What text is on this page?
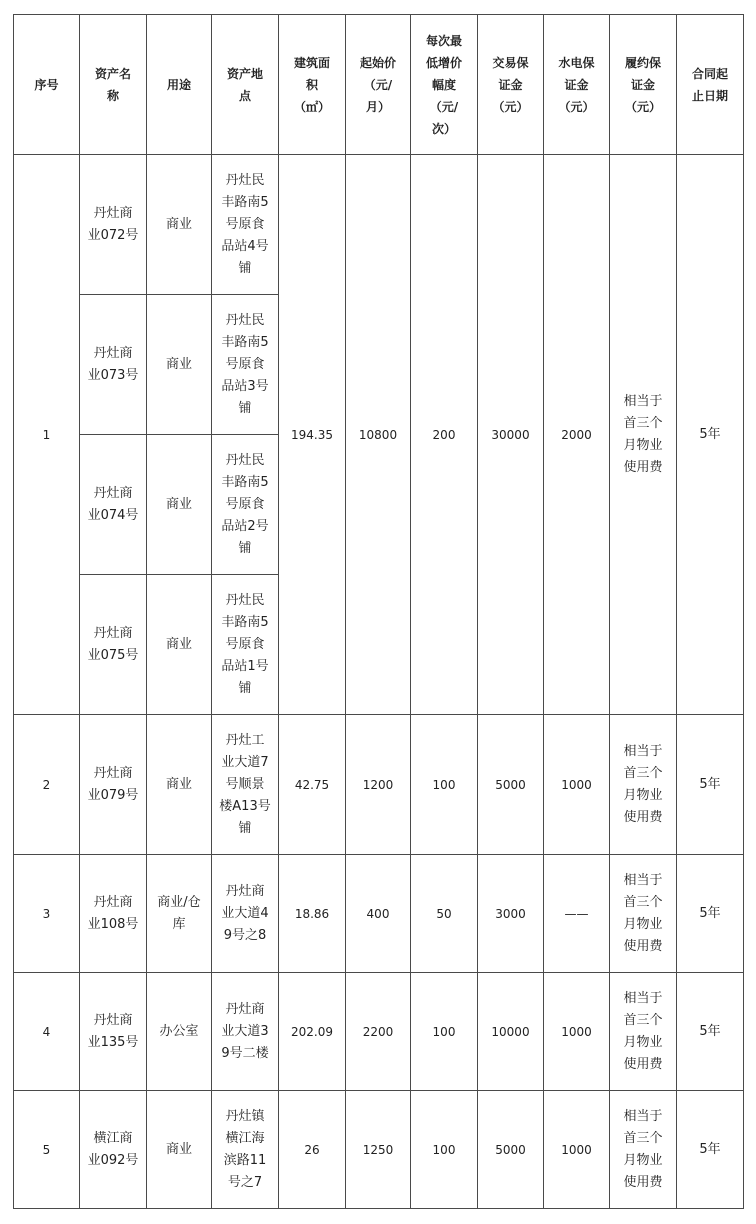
序号	资产名
称	用途	资产地
点	建筑面
积
（㎡）	起始价
（元/
月）	每次最
低增价
幅度
（元/
次）	交易保
证金
（元）	水电保
证金
（元）	履约保
证金
（元）	合同起
止日期
1	丹灶商
业072号	商业	丹灶民
丰路南5
号原食
品站4号
铺	194.35	10800	200	30000	2000	相当于
首三个
月物业
使用费	5年
	丹灶商
业073号	商业	丹灶民
丰路南5
号原食
品站3号
铺							
	丹灶商
业074号	商业	丹灶民
丰路南5
号原食
品站2号
铺							
	丹灶商
业075号	商业	丹灶民
丰路南5
号原食
品站1号
铺							
2	丹灶商
业079号	商业	丹灶工
业大道7
号顺景
楼A13号
铺	42.75	1200	100	5000	1000	相当于
首三个
月物业
使用费	5年
3	丹灶商
业108号	商业/仓
库	丹灶商
业大道4
9号之8	18.86	400	50	3000	——	相当于
首三个
月物业
使用费	5年
4	丹灶商
业135号	办公室	丹灶商
业大道3
9号二楼	202.09	2200	100	10000	1000	相当于
首三个
月物业
使用费	5年
5	横江商
业092号	商业	丹灶镇
横江海
滨路11
号之7	26	1250	100	5000	1000	相当于
首三个
月物业
使用费	5年
